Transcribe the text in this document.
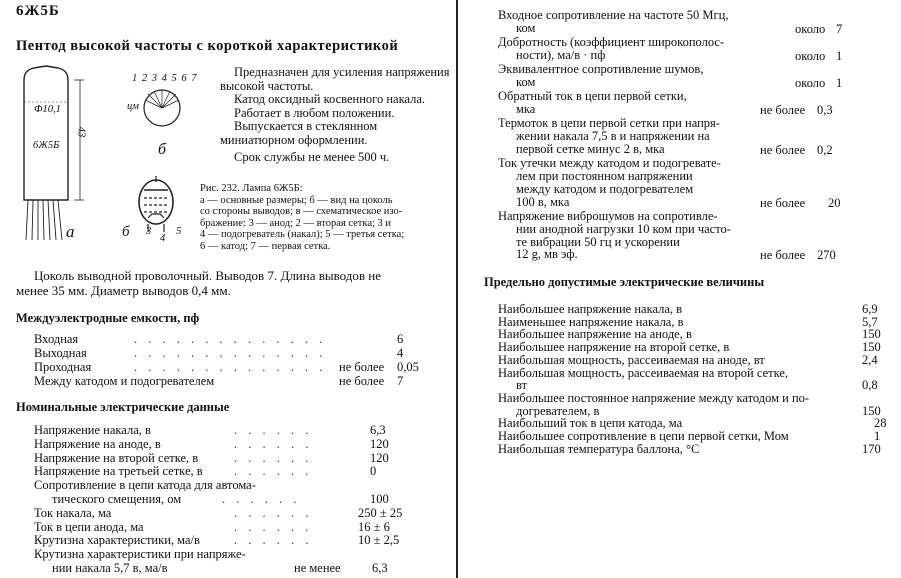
6Ж5Б
Пентод высокой частоты с короткой характеристикой
Ф10,1
6Ж5Б
43
а
1 2 3 4 5 6 7
цм
б
б 3
4
5

Предназначен для усиления напряжения высокой частоты.

Катод оксидный косвенного накала.

Работает в любом положении.

Выпускается в стеклянном миниатюрном оформлении.

Срок службы не менее 500 ч.

Рис. 232. Лампа 6Ж5Б:
а — основные размеры; б — вид на цоколь
со стороны выводов; в — схематическое изо-
бражение: 3 — анод; 2 — вторая сетка; 3 и
4 — подогреватель (накал); 5 — третья сетка;
6 — катод; 7 — первая сетка.
Цоколь выводной проволочный. Выводов 7. Длина выводов не
менее 35 мм. Диаметр выводов 0,4 мм.
Междуэлектродные емкости, пф
Входная	. . . . . . . . . . . . . .	6
Выходная	. . . . . . . . . . . . . .	4
Проходная	. . . . . . . . . . . . . .	не более 0,05
Между катодом и подогревателем	не более 7
Номинальные электрические данные
Напряжение накала, в	. . . . . .	6,3
Напряжение на аноде, в	. . . . . .	120
Напряжение на второй сетке, в	. . . . . .	120
Напряжение на третьей сетке, в	. . . . . .	0
Сопротивление в цепи катода для автома-
тического смещения, ом	. . . . . .	100
Ток накала, ма	. . . . . .	250 ± 25
Ток в цепи анода, ма	. . . . . .	16 ± 6
Крутизна характеристики, ма/в	. . . . . .	10 ± 2,5
Крутизна характеристики при напряже-
нии накала 5,7 в, ма/в	не менее	6,3
Входное сопротивление на частоте 50 Мгц,
ком	около 7
Добротность (коэффициент широкополос-
ности), ма/в · пф	около 1
Эквивалентное сопротивление шумов,
ком	около 1
Обратный ток в цепи первой сетки,
мка	не более 0,3
Термоток в цепи первой сетки при напря-
жении накала 7,5 в и напряжении на
первой сетке минус 2 в, мка	не более 0,2
Ток утечки между катодом и подогревате-
лем при постоянном напряжении
между катодом и подогревателем
100 в, мка	не более 20
Напряжение виброшумов на сопротивле-
нии анодной нагрузки 10 ком при часто-
те вибрации 50 гц и ускорении
12 g, мв эф.	не более 270
Предельно допустимые электрические величины
Наибольшее напряжение накала, в	6,9
Наименьшее напряжение накала, в	5,7
Наибольшее напряжение на аноде, в	150
Наибольшее напряжение на второй сетке, в	150
Наибольшая мощность, рассеиваемая на аноде, вт	2,4
Наибольшая мощность, рассеиваемая на второй сетке,
вт	0,8
Наибольшее постоянное напряжение между катодом и по-
догревателем, в	150
Наибольший ток в цепи катода, ма	28
Наибольшее сопротивление в цепи первой сетки, Мом	1
Наибольшая температура баллона, °С	170
